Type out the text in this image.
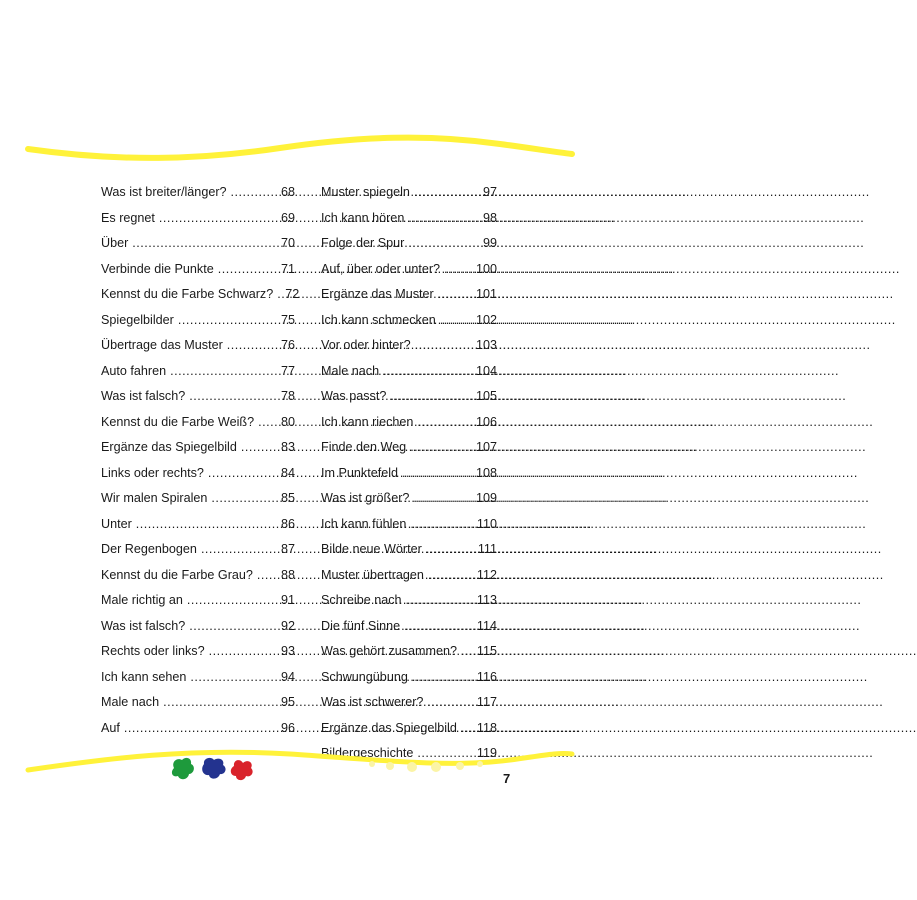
Was ist breiter/länger? .....	68
Es regnet .....	69
Über .....	70
Verbinde die Punkte .....	71
Kennst du die Farbe Schwarz? ..... 72
Spiegelbilder .....	75
Übertrage das Muster .....	76
Auto fahren .....	77
Was ist falsch? .....	78
Kennst du die Farbe Weiß? ..... 80
Ergänze das Spiegelbild .....	83
Links oder rechts? .....	84
Wir malen Spiralen .....	85
Unter .....	86
Der Regenbogen .....	87
Kennst du die Farbe Grau? ..... 88
Male richtig an .....	91
Was ist falsch? .....	92
Rechts oder links? .....	93
Ich kann sehen .....	94
Male nach .....	95
Auf .....	96
Muster spiegeln .....	97
Ich kann hören .....	98
Folge der Spur .....	99
Auf, über oder unter? .....	100
Ergänze das Muster .....	101
Ich kann schmecken .....	102
Vor oder hinter? .....	103
Male nach .....	104
Was passt? .....	105
Ich kann riechen .....	106
Finde den Weg .....	107
Im Punktefeld .....	108
Was ist größer? .....	109
Ich kann fühlen .....	110
Bilde neue Wörter .....	111
Muster übertragen .....	112
Schreibe nach .....	113
Die fünf Sinne .....	114
Was gehört zusammen? ..... 115
Schwungübung .....	116
Was ist schwerer? .....	117
Ergänze das Spiegelbild ..... 118
Bildergeschichte .....	119
7
